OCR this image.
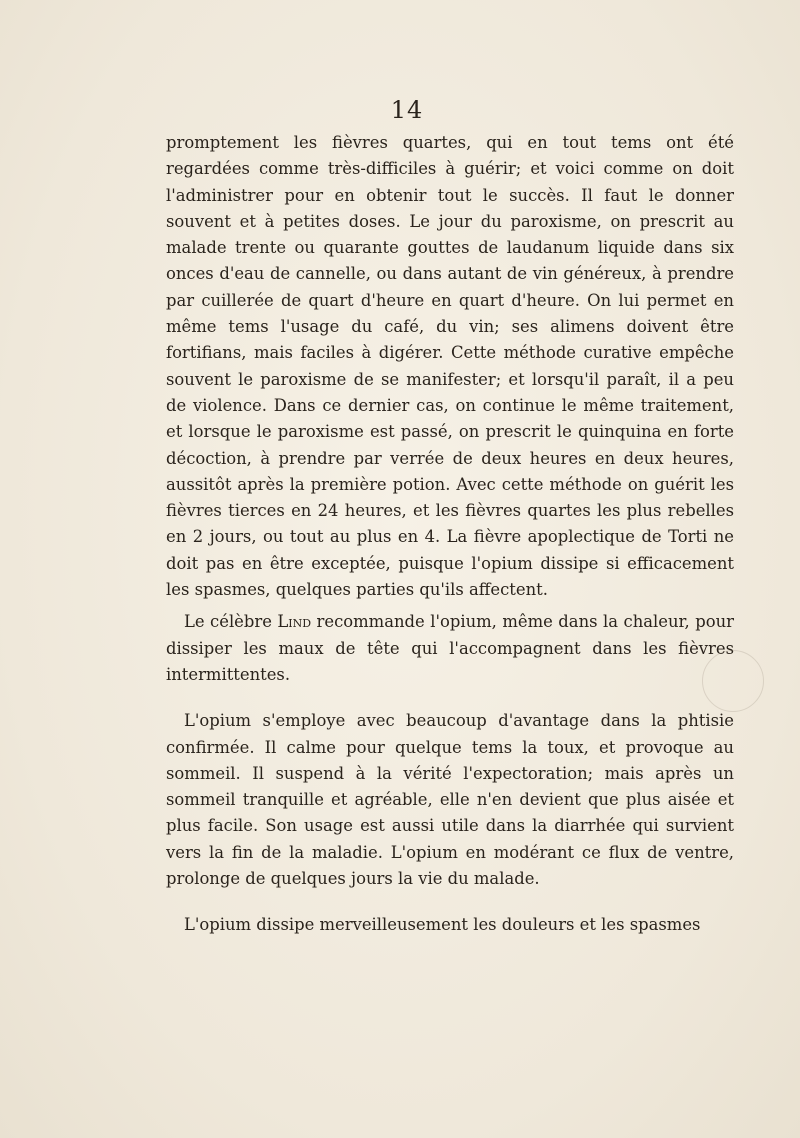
14

promptement les fièvres quartes, qui en tout tems ont été regardées comme très-difficiles à guérir; et voici comme on doit l'administrer pour en obtenir tout le succès. Il faut le donner souvent et à petites doses. Le jour du paroxisme, on prescrit au malade trente ou quarante gouttes de laudanum liquide dans six onces d'eau de cannelle, ou dans autant de vin généreux, à prendre par cuillerée de quart d'heure en quart d'heure. On lui permet en même tems l'usage du café, du vin; ses alimens doivent être fortifians, mais faciles à digérer. Cette méthode curative empêche souvent le paroxisme de se manifester; et lorsqu'il paraît, il a peu de violence. Dans ce dernier cas, on continue le même traitement, et lorsque le paroxisme est passé, on prescrit le quinquina en forte décoction, à prendre par verrée de deux heures en deux heures, aussitôt après la première potion. Avec cette méthode on guérit les fièvres tierces en 24 heures, et les fièvres quartes les plus rebelles en 2 jours, ou tout au plus en 4. La fièvre apoplectique de Torti ne doit pas en être exceptée, puisque l'opium dissipe si efficacement les spasmes, quelques parties qu'ils affectent.

Le célèbre Lind recommande l'opium, même dans la chaleur, pour dissiper les maux de tête qui l'accompagnent dans les fièvres intermittentes.

L'opium s'employe avec beaucoup d'avantage dans la phtisie confirmée. Il calme pour quelque tems la toux, et provoque au sommeil. Il suspend à la vérité l'expectoration; mais après un sommeil tranquille et agréable, elle n'en devient que plus aisée et plus facile. Son usage est aussi utile dans la diarrhée qui survient vers la fin de la maladie. L'opium en modérant ce flux de ventre, prolonge de quelques jours la vie du malade.

L'opium dissipe merveilleusement les douleurs et les spasmes
